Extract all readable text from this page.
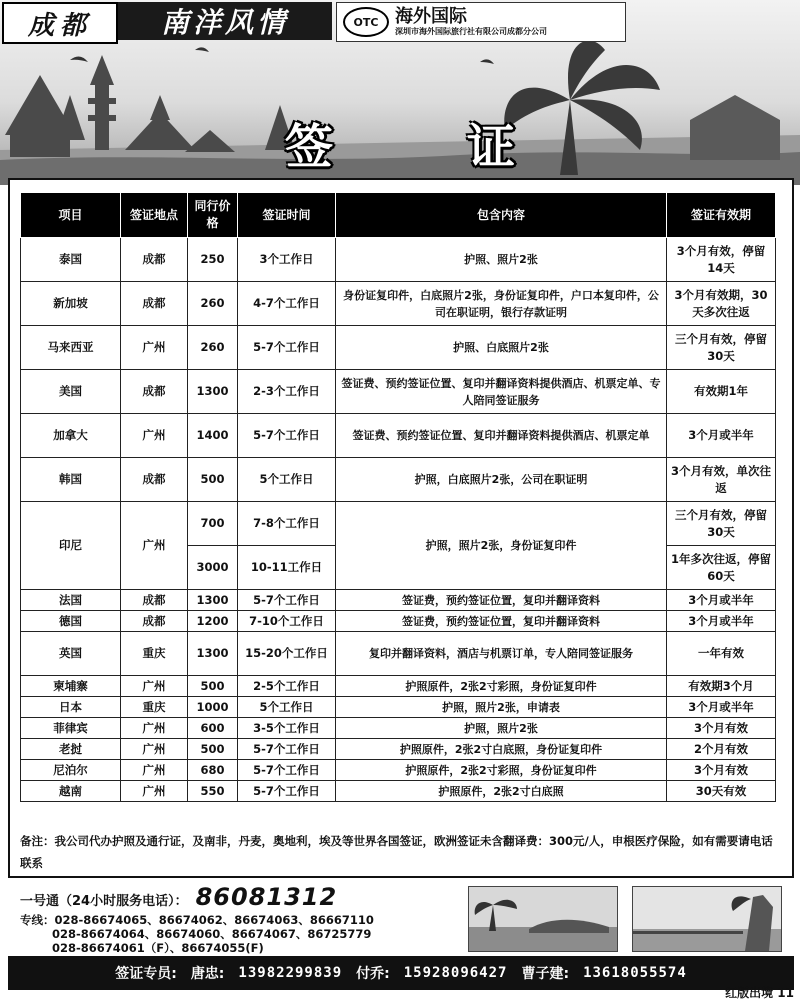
成都	南洋风情	OTC 海外国际
深圳市海外国际旅行社有限公司成都分公司
签	证
项目	签证地点	同行价格	签证时间	包含内容	签证有效期
泰国	成都	250	3个工作日	护照、照片2张	3个月有效，停留14天
新加坡	成都	260	4-7个工作日	身份证复印件，白底照片2张，身份证复印件，户口本复印件，公司在职证明，银行存款证明	3个月有效期，30天多次往返
马来西亚	广州	260	5-7个工作日	护照、白底照片2张	三个月有效，停留30天
美国	成都	1300	2-3个工作日	签证费、预约签证位置、复印并翻译资料提供酒店、机票定单、专人陪同签证服务	有效期1年
加拿大	广州	1400	5-7个工作日	签证费、预约签证位置、复印并翻译资料提供酒店、机票定单	3个月或半年
韩国	成都	500	5个工作日	护照，白底照片2张，公司在职证明	3个月有效，单次往返
印尼	广州	700	7-8个工作日	护照，照片2张，身份证复印件	三个月有效，停留30天
		3000	10-11工作日		1年多次往返，停留60天
法国	成都	1300	5-7个工作日	签证费，预约签证位置，复印并翻译资料	3个月或半年
德国	成都	1200	7-10个工作日	签证费，预约签证位置，复印并翻译资料	3个月或半年
英国	重庆	1300	15-20个工作日	复印并翻译资料，酒店与机票订单，专人陪同签证服务	一年有效
柬埔寨	广州	500	2-5个工作日	护照原件，2张2寸彩照，身份证复印件	有效期3个月
日本	重庆	1000	5个工作日	护照，照片2张，申请表	3个月或半年
菲律宾	广州	600	3-5个工作日	护照，照片2张	3个月有效
老挝	广州	500	5-7个工作日	护照原件，2张2寸白底照，身份证复印件	2个月有效
尼泊尔	广州	680	5-7个工作日	护照原件，2张2寸彩照，身份证复印件	3个月有效
越南	广州	550	5-7个工作日	护照原件，2张2寸白底照	30天有效
备注：我公司代办护照及通行证，及南非，丹麦，奥地利，埃及等世界各国签证，欧洲签证未含翻译费：300元/人，申根医疗保险，如有需要请电话联系
一号通（24小时服务电话）： 86081312
专线：028-86674065、86674062、86674063、86667110
028-86674064、86674060、86674067、86725779
028-86674061（F）、86674055(F)
签证专员: 唐忠: 13982299839 付乔: 15928096427 曹子建: 13618055574
红版出境 11
